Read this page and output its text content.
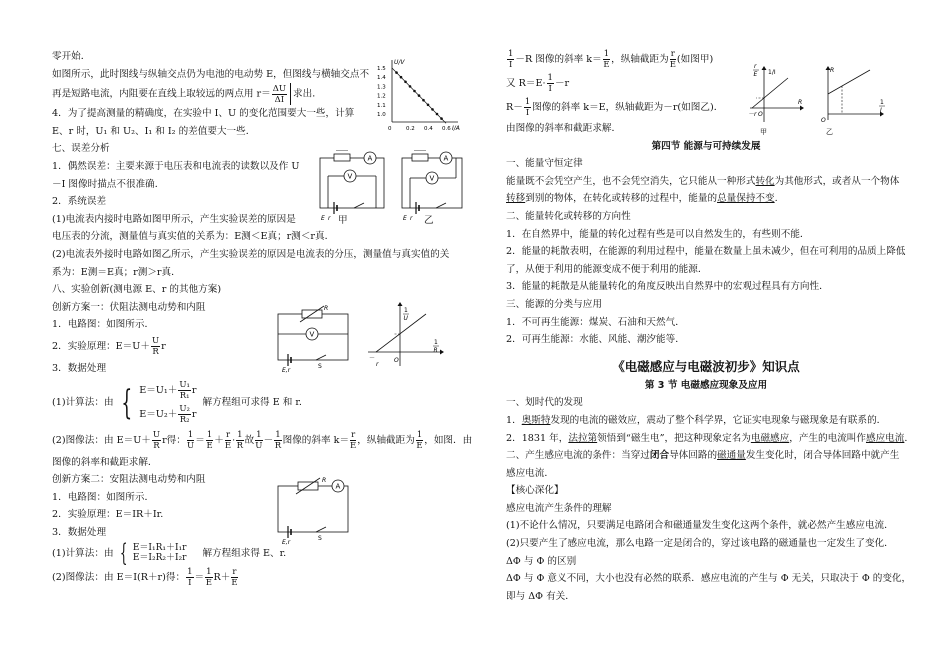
零开始．
如图所示，此时图线与纵轴交点仍为电池的电动势 E，但图线与横轴交点不
再是短路电流，内阻要在直线上取较远的两点用 $r= \frac{\Delta U}{\Delta I}$ 求出．
4．为了提高测量的精确度，在实验中 I、U 的变化范围要大一些，计算
E、r 时，U₁ 和 U₂、I₁ 和 I₂ 的差值要大一些．
七、误差分析
1．偶然误差：主要来源于电压表和电流表的读数以及作 U
－I 图像时描点不很准确．
2．系统误差
(1)电流表内接时电路如图甲所示，产生实验误差的原因是
电压表的分流，测量值与真实值的关系为：E测＜E真；r测＜r真．
(2)电流表外接时电路如图乙所示，产生实验误差的原因是电流表的分压，测量值与真实值的关
系为：E测＝E真；r测＞r真．
八、实验创新(测电源 E、r 的其他方案)
创新方案一：伏阻法测电动势和内阻
1．电路图：如图所示．
2．实验原理：$E=U+ \frac{U}{R}$ r
3．数据处理
(1)计算法：由 { $E=U_1+ \frac{\text{U₁}}{\text{R₁}}$ r
$E=U_2+ \frac{\text{U₂}}{\text{R₂}}$ r
解方程组可求得 E 和 r.
(2)图像法：由 $E=U+ \frac{U}{R}$ r得： $\frac{1}{U} = \frac{1}{E} + \frac{r}{E} \cdot \frac{1}{R}$ 故 $\frac{1}{U} - \frac{1}{R}$ 图像的斜率 $k= \frac{r}{E}$ ，纵轴截距为 $\frac{1}{E}$ ，如图．由
图像的斜率和截距求解．
创新方案二：安阻法测电动势和内阻
1．电路图：如图所示．
2．实验原理：E＝IR＋Ir.
3．数据处理
(1)计算法：由 { E＝I₁R₁＋I₁r
E＝I₂R₂＋I₂r 解方程组求得 E、r.
(2)图像法：由 E＝I(R＋r)得： $\frac{1}{I} = \frac{1}{E} R+ \frac{r}{E}$
$\frac{1}{I} -R$ 图像的斜率 $k= \frac{1}{E}$ ，纵轴截距为 $\frac{r}{E}$ (如图甲)
又 $R=E\cdot \frac{1}{I} -r$
$R- \frac{1}{I}$ 图像的斜率 k＝E，纵轴截距为－r(如图乙)．
由图像的斜率和截距求解．
第四节 能源与可持续发展
一、能量守恒定律
能量既不会凭空产生，也不会凭空消失，它只能从一种形式转化为其他形式，或者从一个物体
转移到别的物体，在转化或转移的过程中，能量的总量保持不变.
二、能量转化或转移的方向性
1．在自然界中，能量的转化过程有些是可以自然发生的，有些则不能．
2．能量的耗散表明，在能源的利用过程中，能量在数量上虽未减少，但在可利用的品质上降低
了，从便于利用的能源变成不便于利用的能源．
3．能量的耗散是从能量转化的角度反映出自然界中的宏观过程具有方向性．
三、能源的分类与应用
1．不可再生能源：煤炭、石油和天然气．
2．可再生能源：水能、风能、潮汐能等．
《电磁感应与电磁波初步》知识点
第 3 节 电磁感应现象及应用
一、划时代的发现
1．奥斯特发现的电流的磁效应，震动了整个科学界，它证实电现象与磁现象是有联系的．
2．1831 年，法拉第领悟到“磁生电”，把这种现象定名为电磁感应，产生的电流叫作感应电流.
二、产生感应电流的条件：当穿过闭合导体回路的磁通量发生变化时，闭合导体回路中就产生
感应电流．
【核心深化】
感应电流产生条件的理解
(1)不论什么情况，只要满足电路闭合和磁通量发生变化这两个条件，就必然产生感应电流．
(2)只要产生了感应电流，那么电路一定是闭合的，穿过该电路的磁通量也一定发生了变化．
ΔΦ 与 Φ 的区别
ΔΦ 与 Φ 意义不同，大小也没有必然的联系．感应电流的产生与 Φ 无关，只取决于 Φ 的变化，
即与 ΔΦ 有关．
U/V
I/A
1.5
1.4
1.3
1.2
1.1
1.0
0	0.2 0.4 0.6
A
V
E r 甲
A
V
E r 乙
R
V
E,r
S
1
U
1
R
O
－
r
R
A
E,r
S
r
E 1/I
R
－r O
甲
R
1
I
O
乙
